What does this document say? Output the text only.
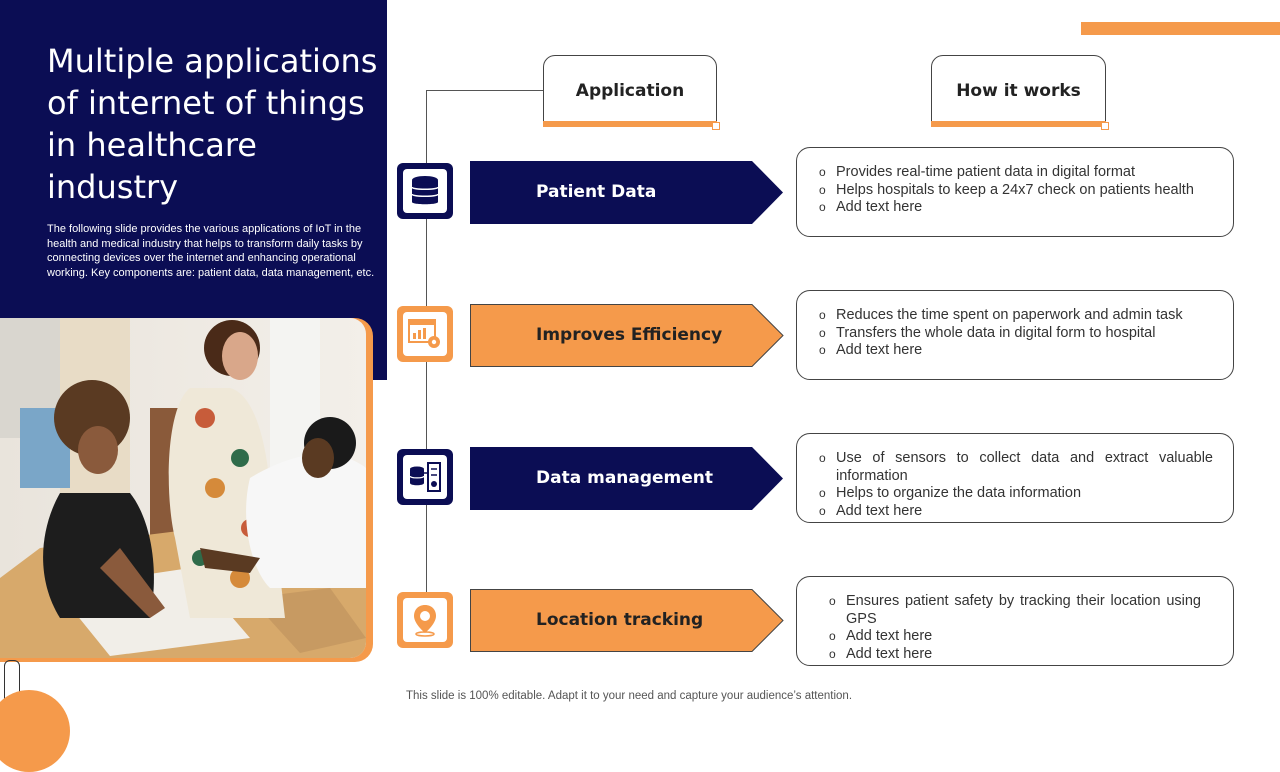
Multiple applications of internet of things in healthcare industry

The following slide provides the various applications of IoT in the health and medical industry that helps to transform daily tasks by connecting devices over the internet and enhancing operational working. Key components are: patient data, data management, etc.

Application	How it works
Patient Data
o Provides real-time patient data in digital format
o Helps hospitals to keep a 24x7 check on patients health
o Add text here
Improves Efficiency
o Reduces the time spent on paperwork and admin task
o Transfers the whole data in digital form to hospital
o Add text here
Data management
o Use of sensors to collect data and extract valuable information
o Helps to organize the data information
o Add text here
Location tracking
o Ensures patient safety by tracking their location using GPS
o Add text here
o Add text here
This slide is 100% editable. Adapt it to your need and capture your audience’s attention.
